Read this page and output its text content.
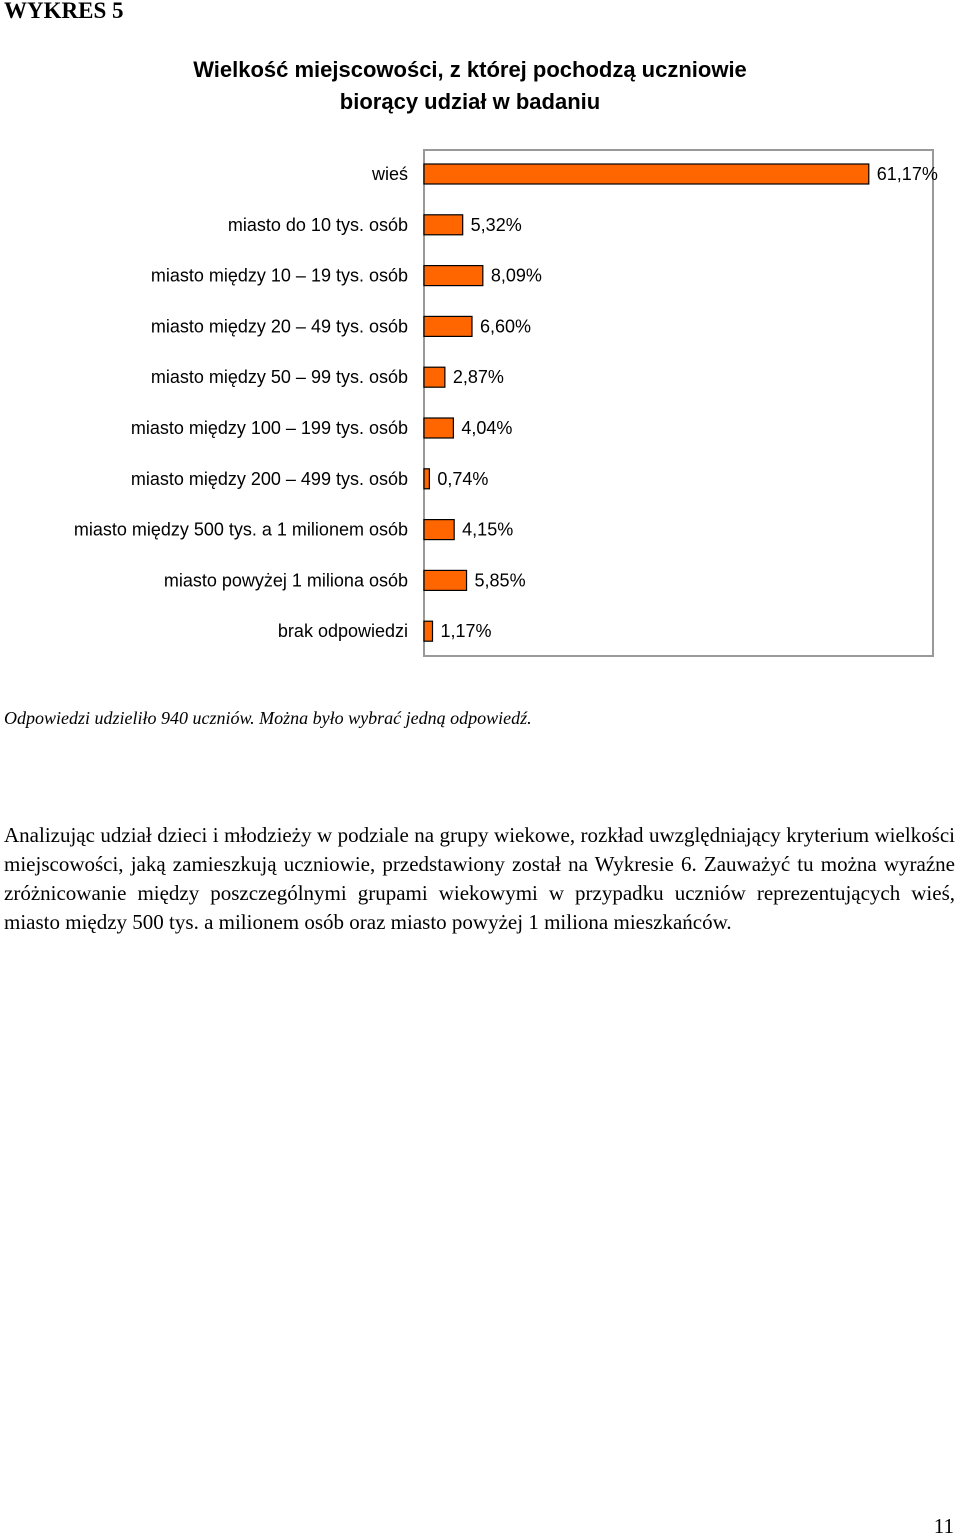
WYKRES 5
Wielkość miejscowości, z której pochodzą uczniowie
biorący udział w badaniu
wieś	61,17%
miasto do 10 tys. osób	5,32%
miasto między 10 – 19 tys. osób	8,09%
miasto między 20 – 49 tys. osób	6,60%
miasto między 50 – 99 tys. osób 2,87%
miasto między 100 – 199 tys. osób	4,04%
miasto między 200 – 499 tys. osób 0,74%
miasto między 500 tys. a 1 milionem osób	4,15%
miasto powyżej 1 miliona osób	5,85%
brak odpowiedzi 1,17%
Odpowiedzi udzieliło 940 uczniów. Można było wybrać jedną odpowiedź.

Analizując udział dzieci i młodzieży w podziale na grupy wiekowe, rozkład uwzględniający kryterium wielkości miejscowości, jaką zamieszkują uczniowie, przedstawiony został na Wykresie 6. Zauważyć tu można wyraźne zróżnicowanie między poszczególnymi grupami wiekowymi w przypadku uczniów reprezentujących wieś, miasto między 500 tys. a milionem osób oraz miasto powyżej 1 miliona mieszkańców.

11
